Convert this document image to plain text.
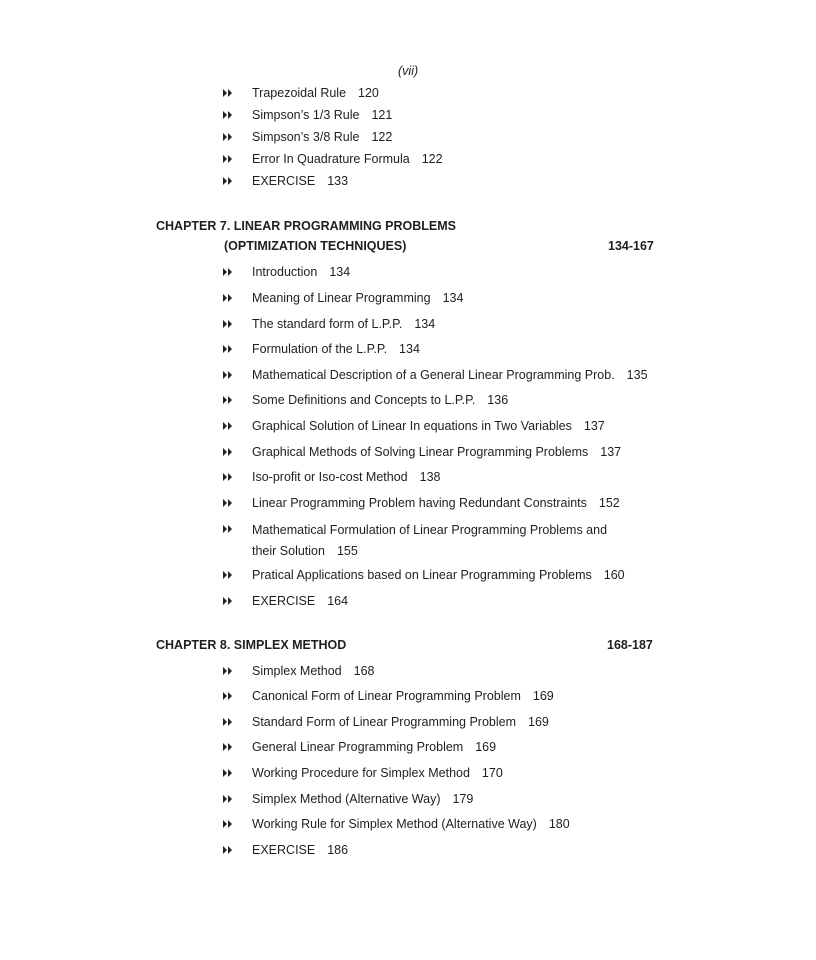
(vii)
Trapezoidal Rule 120
Simpson’s 1/3 Rule 121
Simpson’s 3/8 Rule 122
Error In Quadrature Formula 122
EXERCISE 133
CHAPTER 7. LINEAR PROGRAMMING PROBLEMS
(OPTIMIZATION TECHNIQUES)	134-167
Introduction 134
Meaning of Linear Programming 134
The standard form of L.P.P. 134
Formulation of the L.P.P. 134
Mathematical Description of a General Linear Programming Prob. 135
Some Definitions and Concepts to L.P.P. 136
Graphical Solution of Linear In equations in Two Variables 137
Graphical Methods of Solving Linear Programming Problems 137
Iso-profit or Iso-cost Method 138
Linear Programming Problem having Redundant Constraints 152
Mathematical Formulation of Linear Programming Problems and
their Solution 155
Pratical Applications based on Linear Programming Problems 160
EXERCISE 164
CHAPTER 8. SIMPLEX METHOD	168-187
Simplex Method 168
Canonical Form of Linear Programming Problem 169
Standard Form of Linear Programming Problem 169
General Linear Programming Problem 169
Working Procedure for Simplex Method 170
Simplex Method (Alternative Way) 179
Working Rule for Simplex Method (Alternative Way) 180
EXERCISE 186
